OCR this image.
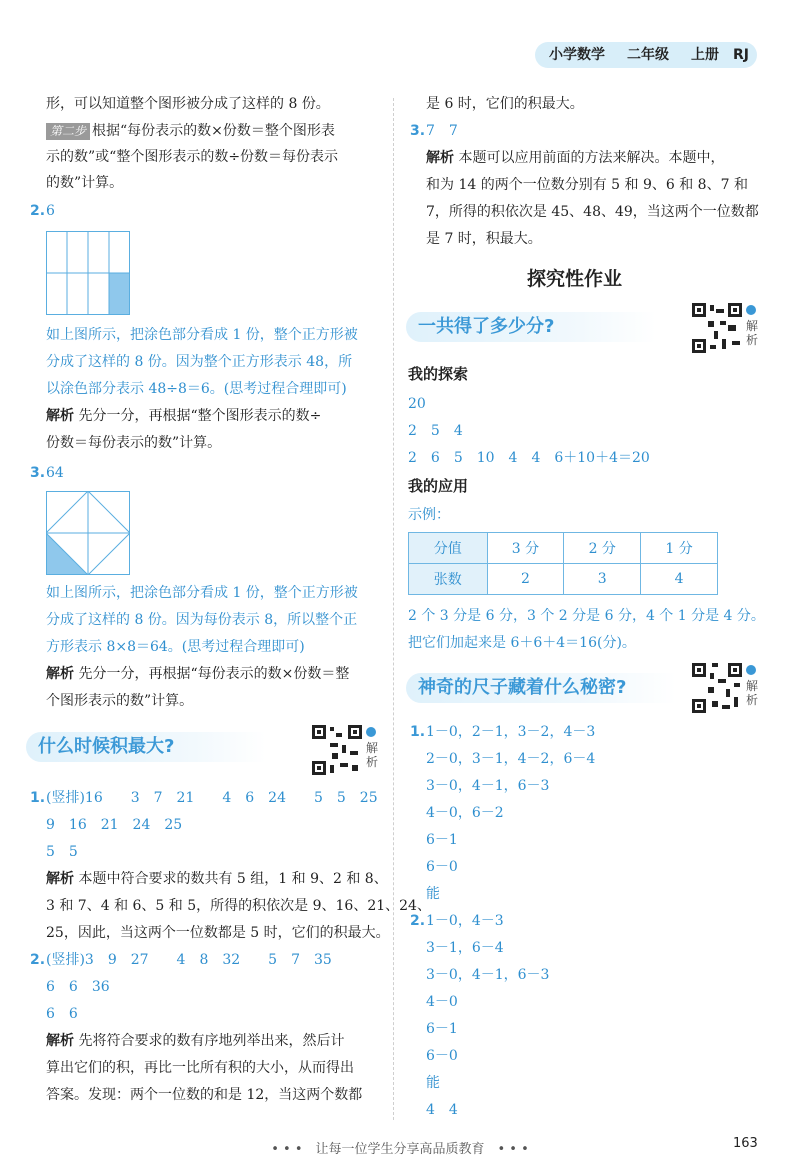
小学数学 二年级 上册 RJ
形，可以知道整个图形被分成了这样的 8 份。
第二步 根据“每份表示的数×份数＝整个图形表
示的数”或“整个图形表示的数÷份数＝每份表示
的数”计算。
2. 6
如上图所示，把涂色部分看成 1 份，整个正方形被
分成了这样的 8 份。因为整个正方形表示 48，所
以涂色部分表示 48÷8＝6。(思考过程合理即可)
解析 先分一分，再根据“整个图形表示的数÷
份数＝每份表示的数”计算。
3. 64
如上图所示，把涂色部分看成 1 份，整个正方形被
分成了这样的 8 份。因为每份表示 8，所以整个正
方形表示 8×8＝64。(思考过程合理即可)
解析 先分一分，再根据“每份表示的数×份数＝整
个图形表示的数”计算。
什么时候积最大?	解析
1. (竖排)16　　3　7　21　　4　6　24　　5　5　25
9　16　21　24　25
5　5
解析 本题中符合要求的数共有 5 组，1 和 9、2 和 8、
3 和 7、4 和 6、5 和 5，所得的积依次是 9、16、21、24、
25，因此，当这两个一位数都是 5 时，它们的积最大。
2. (竖排)3　9　27　　4　8　32　　5　7　35
6　6　36
6　6
解析 先将符合要求的数有序地列举出来，然后计
算出它们的积，再比一比所有积的大小，从而得出
答案。发现：两个一位数的和是 12，当这两个数都
是 6 时，它们的积最大。
3. 7　7
解析 本题可以应用前面的方法来解决。本题中，
和为 14 的两个一位数分别有 5 和 9、6 和 8、7 和
7，所得的积依次是 45、48、49，当这两个一位数都
是 7 时，积最大。
探究性作业
一共得了多少分?	解析
我的探索
20
2　5　4
2　6　5　10　4　4　6＋10＋4＝20
我的应用
示例：
分值	3 分	2 分	1 分
张数	2	3	4
2 个 3 分是 6 分，3 个 2 分是 6 分，4 个 1 分是 4 分。
把它们加起来是 6＋6＋4＝16(分)。
神奇的尺子藏着什么秘密?	解析
1. 1－0，2－1，3－2，4－3
2－0，3－1，4－2，6－4
3－0，4－1，6－3
4－0，6－2
6－1
6－0
能
2. 1－0，4－3
3－1，6－4
3－0，4－1，6－3
4－0
6－1
6－0
能
4　4
• • •　让每一位学生分享高品质教育　• • •	163
